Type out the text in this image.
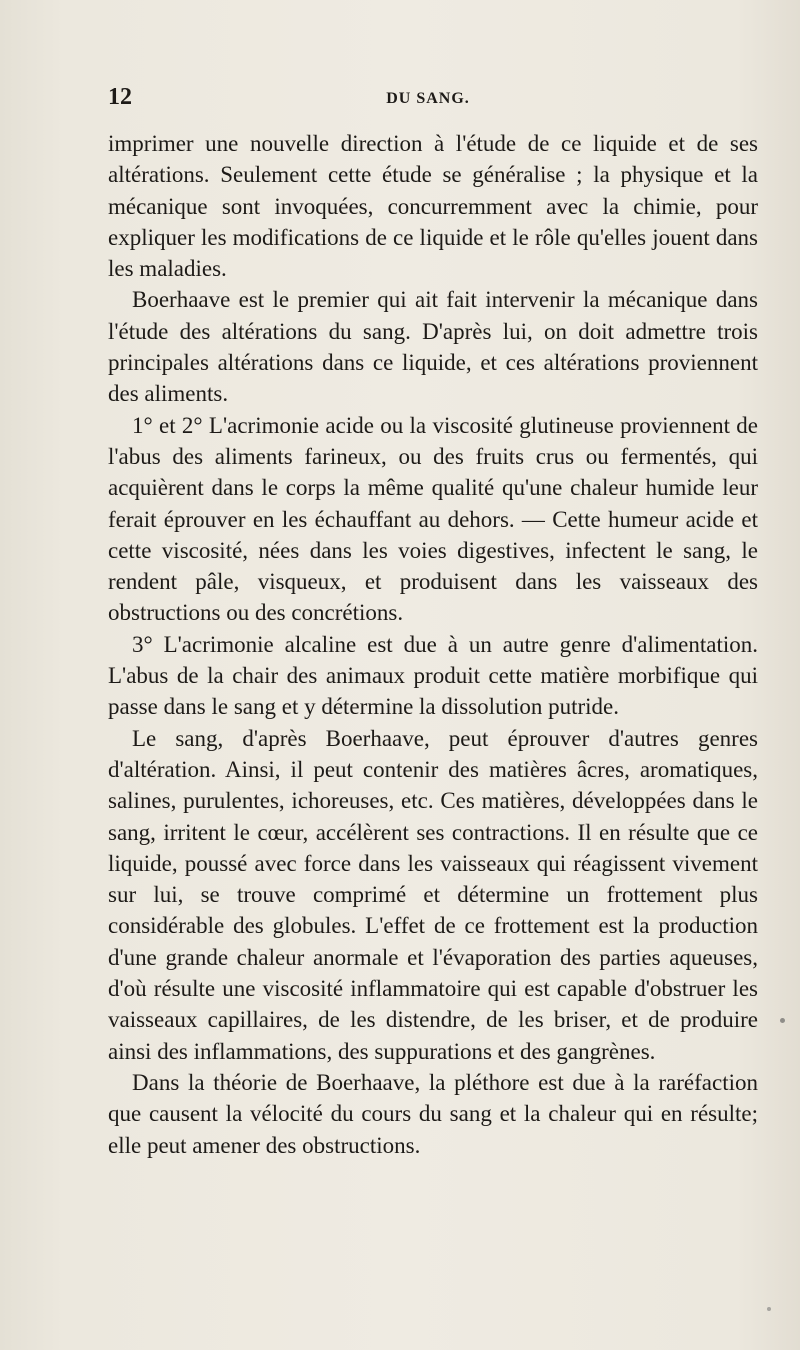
12	DU SANG.

imprimer une nouvelle direction à l'étude de ce liquide et de ses altérations. Seulement cette étude se généralise ; la physique et la mécanique sont invoquées, concurremment avec la chimie, pour expliquer les modifications de ce liquide et le rôle qu'elles jouent dans les maladies.

Boerhaave est le premier qui ait fait intervenir la mécanique dans l'étude des altérations du sang. D'après lui, on doit admettre trois principales altérations dans ce liquide, et ces altérations proviennent des aliments.

1° et 2° L'acrimonie acide ou la viscosité glutineuse proviennent de l'abus des aliments farineux, ou des fruits crus ou fermentés, qui acquièrent dans le corps la même qualité qu'une chaleur humide leur ferait éprouver en les échauffant au dehors. — Cette humeur acide et cette viscosité, nées dans les voies digestives, infectent le sang, le rendent pâle, visqueux, et produisent dans les vaisseaux des obstructions ou des concrétions.

3° L'acrimonie alcaline est due à un autre genre d'alimentation. L'abus de la chair des animaux produit cette matière morbifique qui passe dans le sang et y détermine la dissolution putride.

Le sang, d'après Boerhaave, peut éprouver d'autres genres d'altération. Ainsi, il peut contenir des matières âcres, aromatiques, salines, purulentes, ichoreuses, etc. Ces matières, développées dans le sang, irritent le cœur, accélèrent ses contractions. Il en résulte que ce liquide, poussé avec force dans les vaisseaux qui réagissent vivement sur lui, se trouve comprimé et détermine un frottement plus considérable des globules. L'effet de ce frottement est la production d'une grande chaleur anormale et l'évaporation des parties aqueuses, d'où résulte une viscosité inflammatoire qui est capable d'obstruer les vaisseaux capillaires, de les distendre, de les briser, et de produire ainsi des inflammations, des suppurations et des gangrènes.

Dans la théorie de Boerhaave, la pléthore est due à la raréfaction que causent la vélocité du cours du sang et la chaleur qui en résulte; elle peut amener des obstructions.
